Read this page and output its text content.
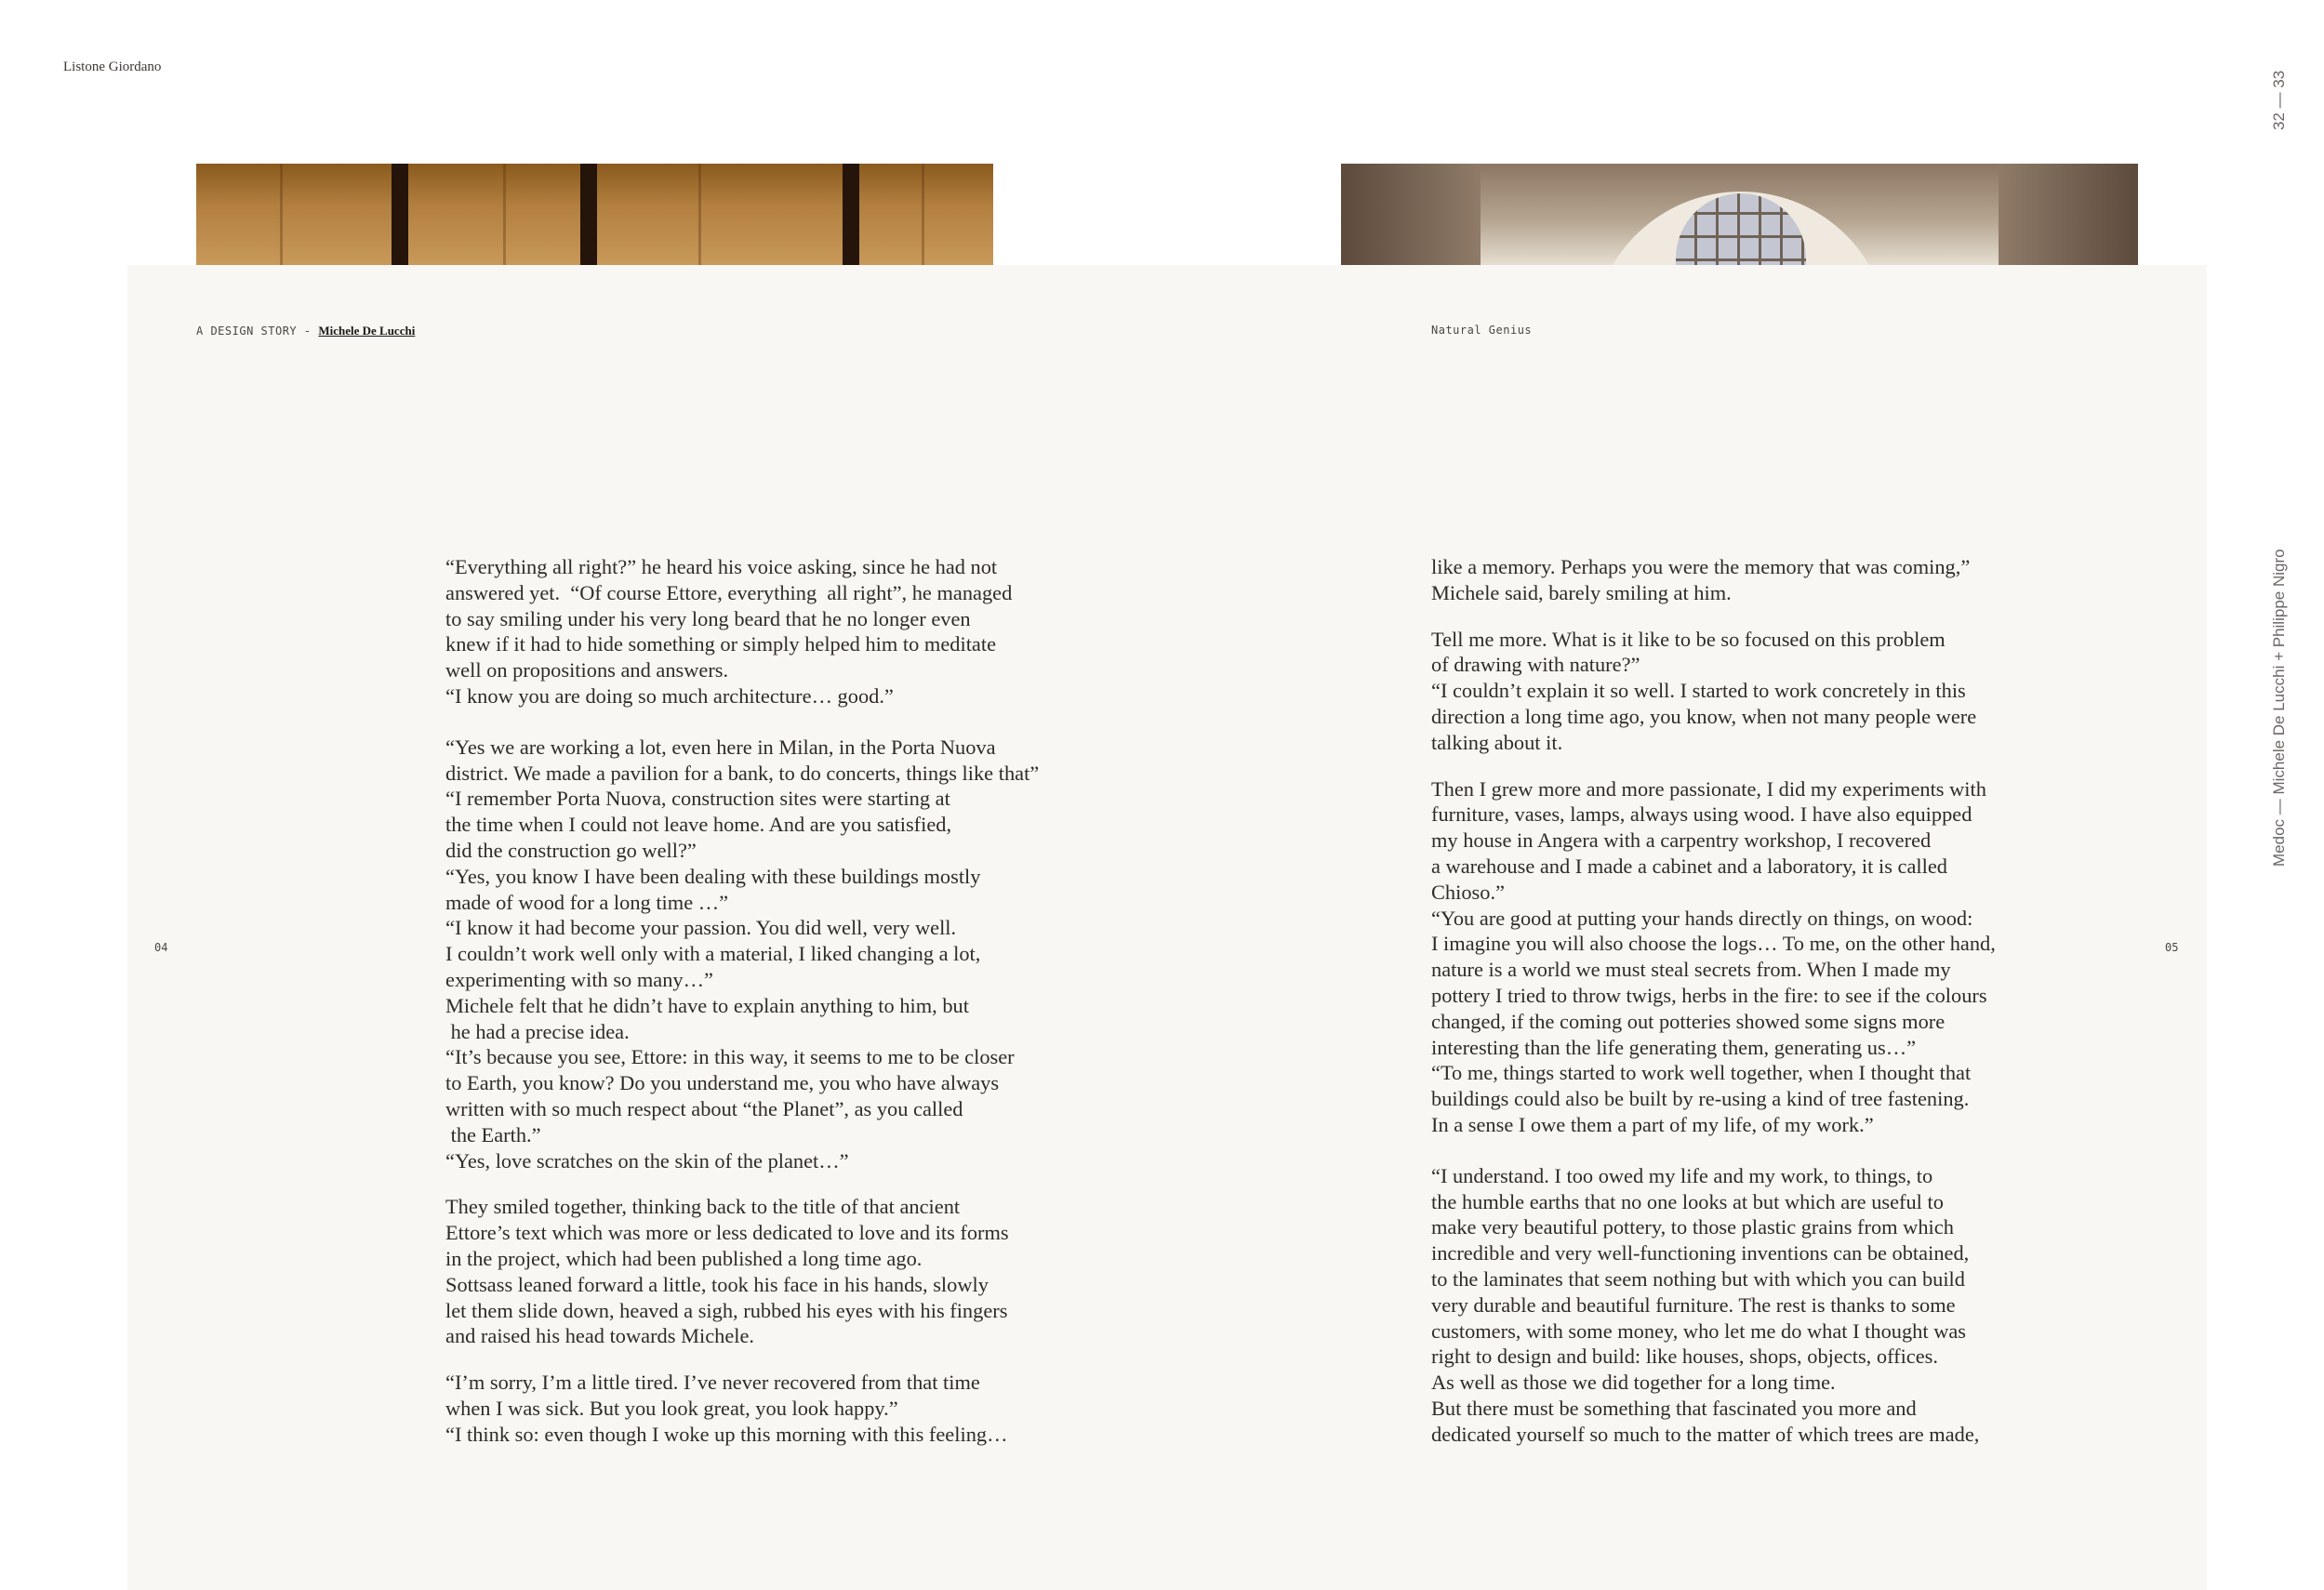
Listone Giordano
32 — 33
Medoc — Michele De Lucchi + Philippe Nigro
A DESIGN STORY - Michele De Lucchi	Natural Genius
04	05

“Everything all right?” he heard his voice asking, since he had not
answered yet.  “Of course Ettore, everything  all right”, he managed
to say smiling under his very long beard that he no longer even
knew if it had to hide something or simply helped him to meditate
well on propositions and answers.
“I know you are doing so much architecture… good.”

“Yes we are working a lot, even here in Milan, in the Porta Nuova
district. We made a pavilion for a bank, to do concerts, things like that”
“I remember Porta Nuova, construction sites were starting at
the time when I could not leave home. And are you satisfied,
did the construction go well?”
“Yes, you know I have been dealing with these buildings mostly
made of wood for a long time …”
“I know it had become your passion. You did well, very well.
I couldn’t work well only with a material, I liked changing a lot,
experimenting with so many…”
Michele felt that he didn’t have to explain anything to him, but
he had a precise idea.
“It’s because you see, Ettore: in this way, it seems to me to be closer
to Earth, you know? Do you understand me, you who have always
written with so much respect about “the Planet”, as you called
the Earth.”
“Yes, love scratches on the skin of the planet…”

They smiled together, thinking back to the title of that ancient
Ettore’s text which was more or less dedicated to love and its forms
in the project, which had been published a long time ago.
Sottsass leaned forward a little, took his face in his hands, slowly
let them slide down, heaved a sigh, rubbed his eyes with his fingers
and raised his head towards Michele.

“I’m sorry, I’m a little tired. I’ve never recovered from that time
when I was sick. But you look great, you look happy.”
“I think so: even though I woke up this morning with this feeling…

like a memory. Perhaps you were the memory that was coming,”
Michele said, barely smiling at him.

Tell me more. What is it like to be so focused on this problem
of drawing with nature?”
“I couldn’t explain it so well. I started to work concretely in this
direction a long time ago, you know, when not many people were
talking about it.

Then I grew more and more passionate, I did my experiments with
furniture, vases, lamps, always using wood. I have also equipped
my house in Angera with a carpentry workshop, I recovered
a warehouse and I made a cabinet and a laboratory, it is called
Chioso.”
“You are good at putting your hands directly on things, on wood:
I imagine you will also choose the logs… To me, on the other hand,
nature is a world we must steal secrets from. When I made my
pottery I tried to throw twigs, herbs in the fire: to see if the colours
changed, if the coming out potteries showed some signs more
interesting than the life generating them, generating us…”
“To me, things started to work well together, when I thought that
buildings could also be built by re-using a kind of tree fastening.
In a sense I owe them a part of my life, of my work.”

“I understand. I too owed my life and my work, to things, to
the humble earths that no one looks at but which are useful to
make very beautiful pottery, to those plastic grains from which
incredible and very well-functioning inventions can be obtained,
to the laminates that seem nothing but with which you can build
very durable and beautiful furniture. The rest is thanks to some
customers, with some money, who let me do what I thought was
right to design and build: like houses, shops, objects, offices.
As well as those we did together for a long time.
But there must be something that fascinated you more and
dedicated yourself so much to the matter of which trees are made,
